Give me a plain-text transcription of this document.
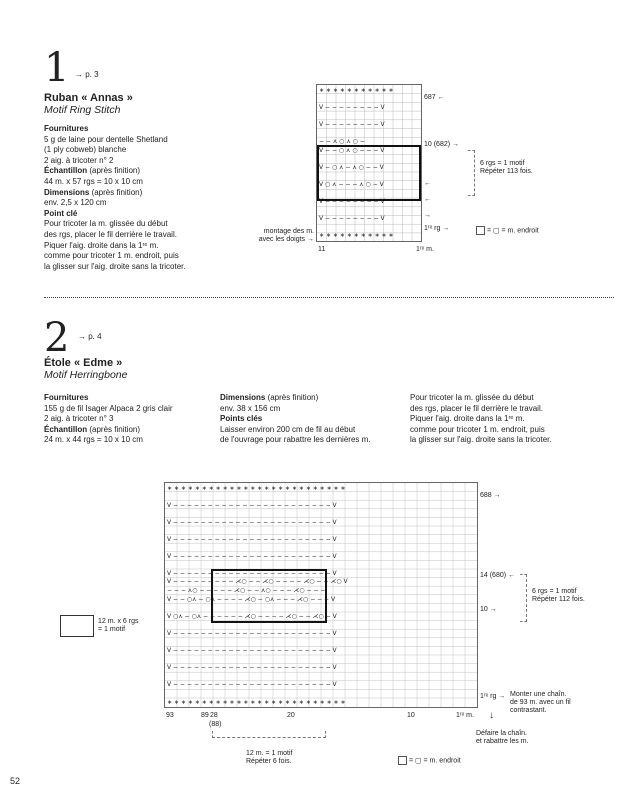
1 → p. 3
Ruban « Annas »
Motif Ring Stitch
Fournitures
5 g de laine pour dentelle Shetland
(1 ply cobweb) blanche
2 aig. à tricoter n° 2
Échantillon (après finition)
44 m. x 57 rgs = 10 x 10 cm
Dimensions (après finition)
env. 2,5 x 120 cm
Point clé
Pour tricoter la m. glissée du début
des rgs, placer le fil derrière le travail.
Piquer l'aig. droite dans la 1ʳᵉ m.
comme pour tricoter 1 m. endroit, puis
la glisser sur l'aig. droite sans la tricoter.
∗ ∗ ∗ ∗ ∗ ∗ ∗ ∗ ∗ ∗ ∗
V − − − − − − − − V
V − − − − − − − − V
− − ⋏ ○ ⋏ ○ −
V − − ○ ⋏ ○ − − − V
V − ○ ⋏ − ⋏ ○ − − V
V ○ ⋏ − − − ⋏ ○ − V
V − − − − − − − − V
V − − − − − − − − V
∗ ∗ ∗ ∗ ∗ ∗ ∗ ∗ ∗ ∗ ∗
687 ←
10 (682) →
1ʳᵉ rg →
←
←
→
6 rgs = 1 motif
Répéter 113 fois.
montage des m.
avec les doigts →
11	1ʳᵉ m.
= ▢ = m. endroit
2 → p. 4
Étole « Edme »
Motif Herringbone
Fournitures
155 g de fil Isager Alpaca 2 gris clair
2 aig. à tricoter n° 3
Échantillon (après finition)
24 m. x 44 rgs = 10 x 10 cm
Dimensions (après finition)
env. 38 x 156 cm
Points clés
Laisser environ 200 cm de fil au début
de l'ouvrage pour rabattre les dernières m.
Pour tricoter la m. glissée du début
des rgs, placer le fil derrière le travail.
Piquer l'aig. droite dans la 1ʳᵉ m.
comme pour tricoter 1 m. endroit, puis
la glisser sur l'aig. droite sans la tricoter.
∗ ∗ ∗ ∗ ∗ ∗ ∗ ∗ ∗ ∗ ∗ ∗ ∗ ∗ ∗ ∗ ∗ ∗ ∗ ∗ ∗ ∗ ∗ ∗ ∗ ∗
V − − − − − − − − − − − − − − − − − − − − − − − V
V − − − − − − − − − − − − − − − − − − − − − − − V
V − − − − − − − − − − − − − − − − − − − − − − − V
V − − − − − − − − − − − − − − − − − − − − − − − V
V − − − − − − − − − − − − − − − − − − − − − − − V
V − − − − − − − − − ⋌○ − − ⋌○ − − − − ⋌○ − − ⋌○ V
− − − ⋏○ − − − − − ⋌○ − − ⋏○ − − − ⋌○ − − −
V − − ○⋏ − ○⋏ − − − − ⋌○ − ○⋏ − − − ⋌○ − − − V
V ○⋏ − ○⋏ − − − − − − ⋌○ − − − − ⋌○ − − ⋌○ − V
V − − − − − − − − − − − − − − − − − − − − − − − V
V − − − − − − − − − − − − − − − − − − − − − − − V
V − − − − − − − − − − − − − − − − − − − − − − − V
V − − − − − − − − − − − − − − − − − − − − − − − V
∗ ∗ ∗ ∗ ∗ ∗ ∗ ∗ ∗ ∗ ∗ ∗ ∗ ∗ ∗ ∗ ∗ ∗ ∗ ∗ ∗ ∗ ∗ ∗ ∗ ∗
688 →
14 (680) ←
10 →
1ʳᵉ rg →
6 rgs = 1 motif
Répéter 112 fois.
12 m. x 6 rgs
= 1 motif
Monter une chaîn.
de 93 m. avec un fil
contrastant.
↓
Défaire la chaîn.
et rabattre les m.
93	89 28
(88)
20	10	1ʳᵉ m.
12 m. = 1 motif
Répéter 6 fois.	= ▢ = m. endroit
52
